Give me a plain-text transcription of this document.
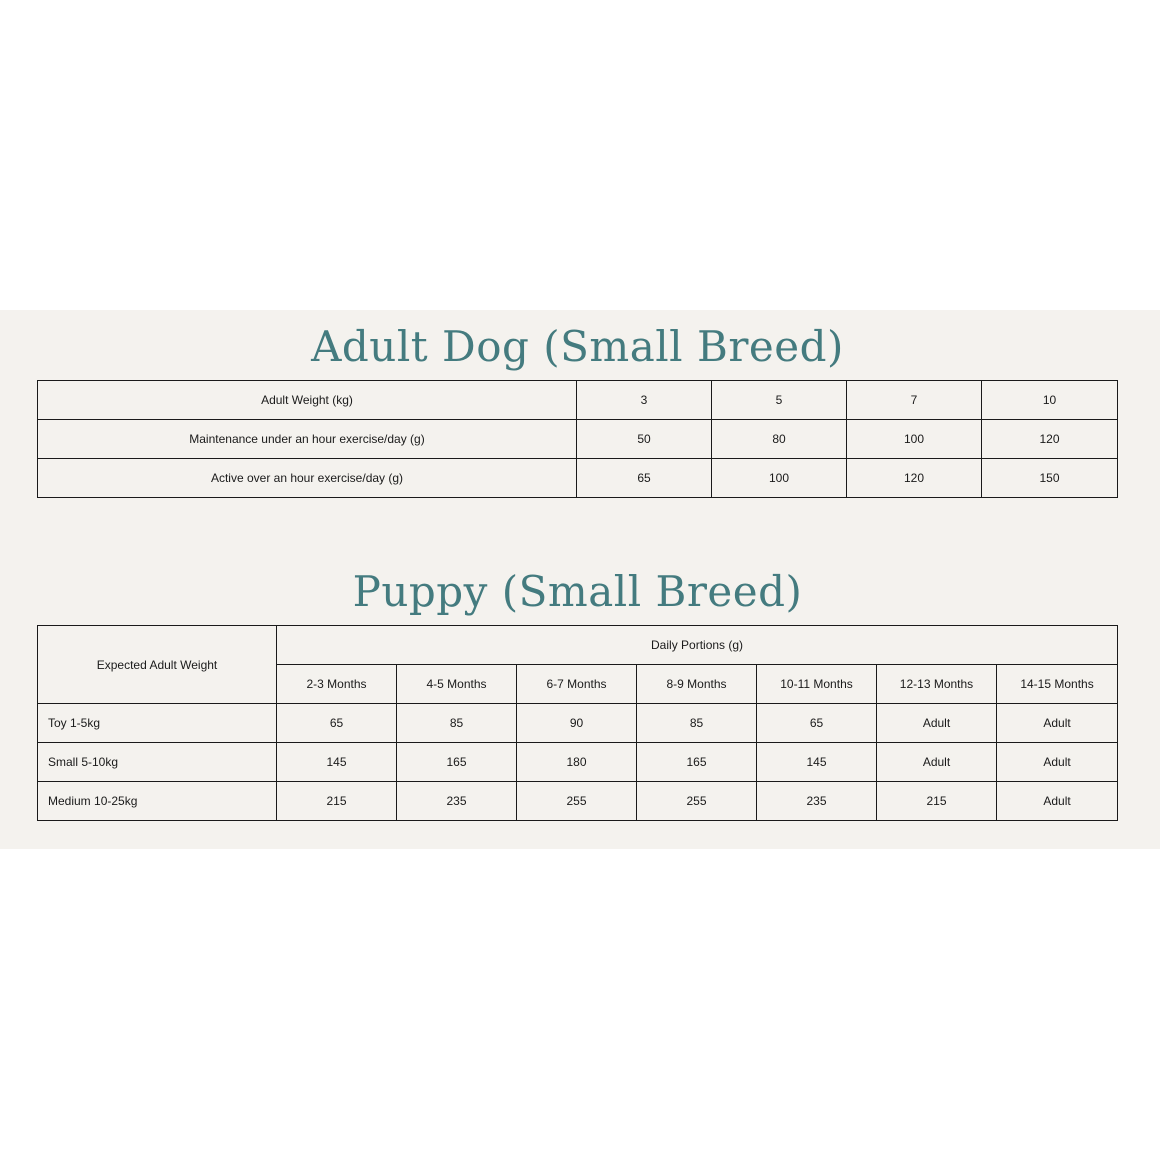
Adult Dog (Small Breed)
Adult Weight (kg)	3	5	7	10
Maintenance under an hour exercise/day (g)	50	80	100	120
Active over an hour exercise/day (g)	65	100	120	150
Puppy (Small Breed)
Expected Adult Weight	Daily Portions (g)						
	2-3 Months	4-5 Months	6-7 Months	8-9 Months	10-11 Months	12-13 Months	14-15 Months
Toy 1-5kg	65	85	90	85	65	Adult	Adult
Small 5-10kg	145	165	180	165	145	Adult	Adult
Medium 10-25kg	215	235	255	255	235	215	Adult
